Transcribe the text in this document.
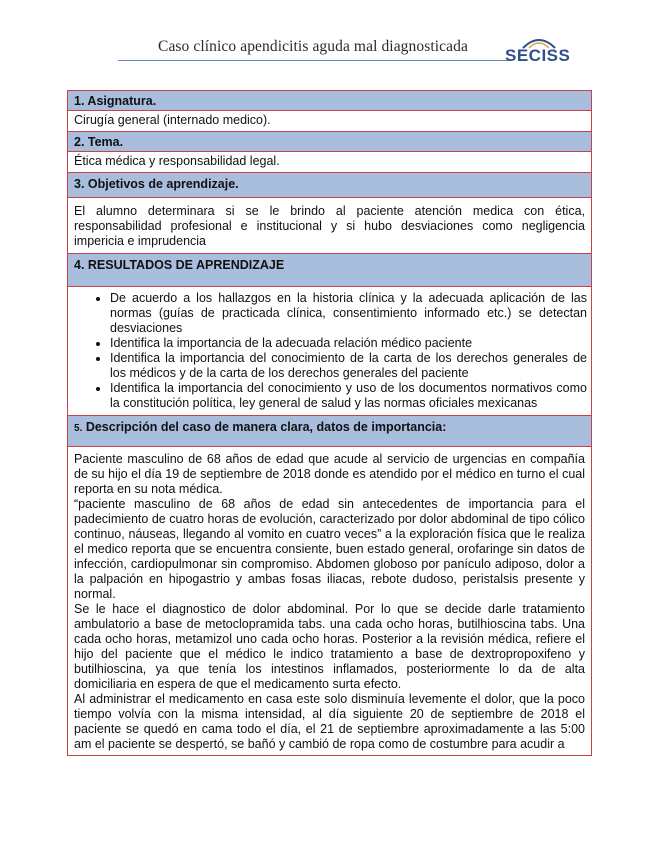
Caso clínico apendicitis aguda mal diagnosticada SECISS
1. Asignatura.
Cirugía general (internado medico).
2. Tema.
Ética médica y responsabilidad legal.
3. Objetivos de aprendizaje.
El alumno determinara si se le brindo al paciente atención medica con ética, responsabilidad profesional e institucional y si hubo desviaciones como negligencia impericia e imprudencia
4. RESULTADOS DE APRENDIZAJE
• De acuerdo a los hallazgos en la historia clínica y la adecuada aplicación de las normas (guías de practicada clínica, consentimiento informado etc.) se detectan desviaciones
• Identifica la importancia de la adecuada relación médico paciente
• Identifica la importancia del conocimiento de la carta de los derechos generales de los médicos y de la carta de los derechos generales del paciente
• Identifica la importancia del conocimiento y uso de los documentos normativos como la constitución política, ley general de salud y las normas oficiales mexicanas
5. Descripción del caso de manera clara, datos de importancia:

Paciente masculino de 68 años de edad que acude al servicio de urgencias en compañía de su hijo el día 19 de septiembre de 2018 donde es atendido por el médico en turno el cual reporta en su nota médica.

“paciente masculino de 68 años de edad sin antecedentes de importancia para el padecimiento de cuatro horas de evolución, caracterizado por dolor abdominal de tipo cólico continuo, náuseas, llegando al vomito en cuatro veces” a la exploración física que le realiza el medico reporta que se encuentra consiente, buen estado general, orofaringe sin datos de infección, cardiopulmonar sin compromiso. Abdomen globoso por panículo adiposo, dolor a la palpación en hipogastrio y ambas fosas iliacas, rebote dudoso, peristalsis presente y normal.

Se le hace el diagnostico de dolor abdominal. Por lo que se decide darle tratamiento ambulatorio a base de metoclopramida tabs. una cada ocho horas, butilhioscina tabs. Una cada ocho horas, metamizol uno cada ocho horas. Posterior a la revisión médica, refiere el hijo del paciente que el médico le indico tratamiento a base de dextropropoxifeno y butilhioscina, ya que tenía los intestinos inflamados, posteriormente lo da de alta domiciliaria en espera de que el medicamento surta efecto.

Al administrar el medicamento en casa este solo disminuía levemente el dolor, que la poco tiempo volvía con la misma intensidad, al día siguiente 20 de septiembre de 2018 el paciente se quedó en cama todo el día, el 21 de septiembre aproximadamente a las 5:00 am el paciente se despertó, se bañó y cambió de ropa como de costumbre para acudir a
